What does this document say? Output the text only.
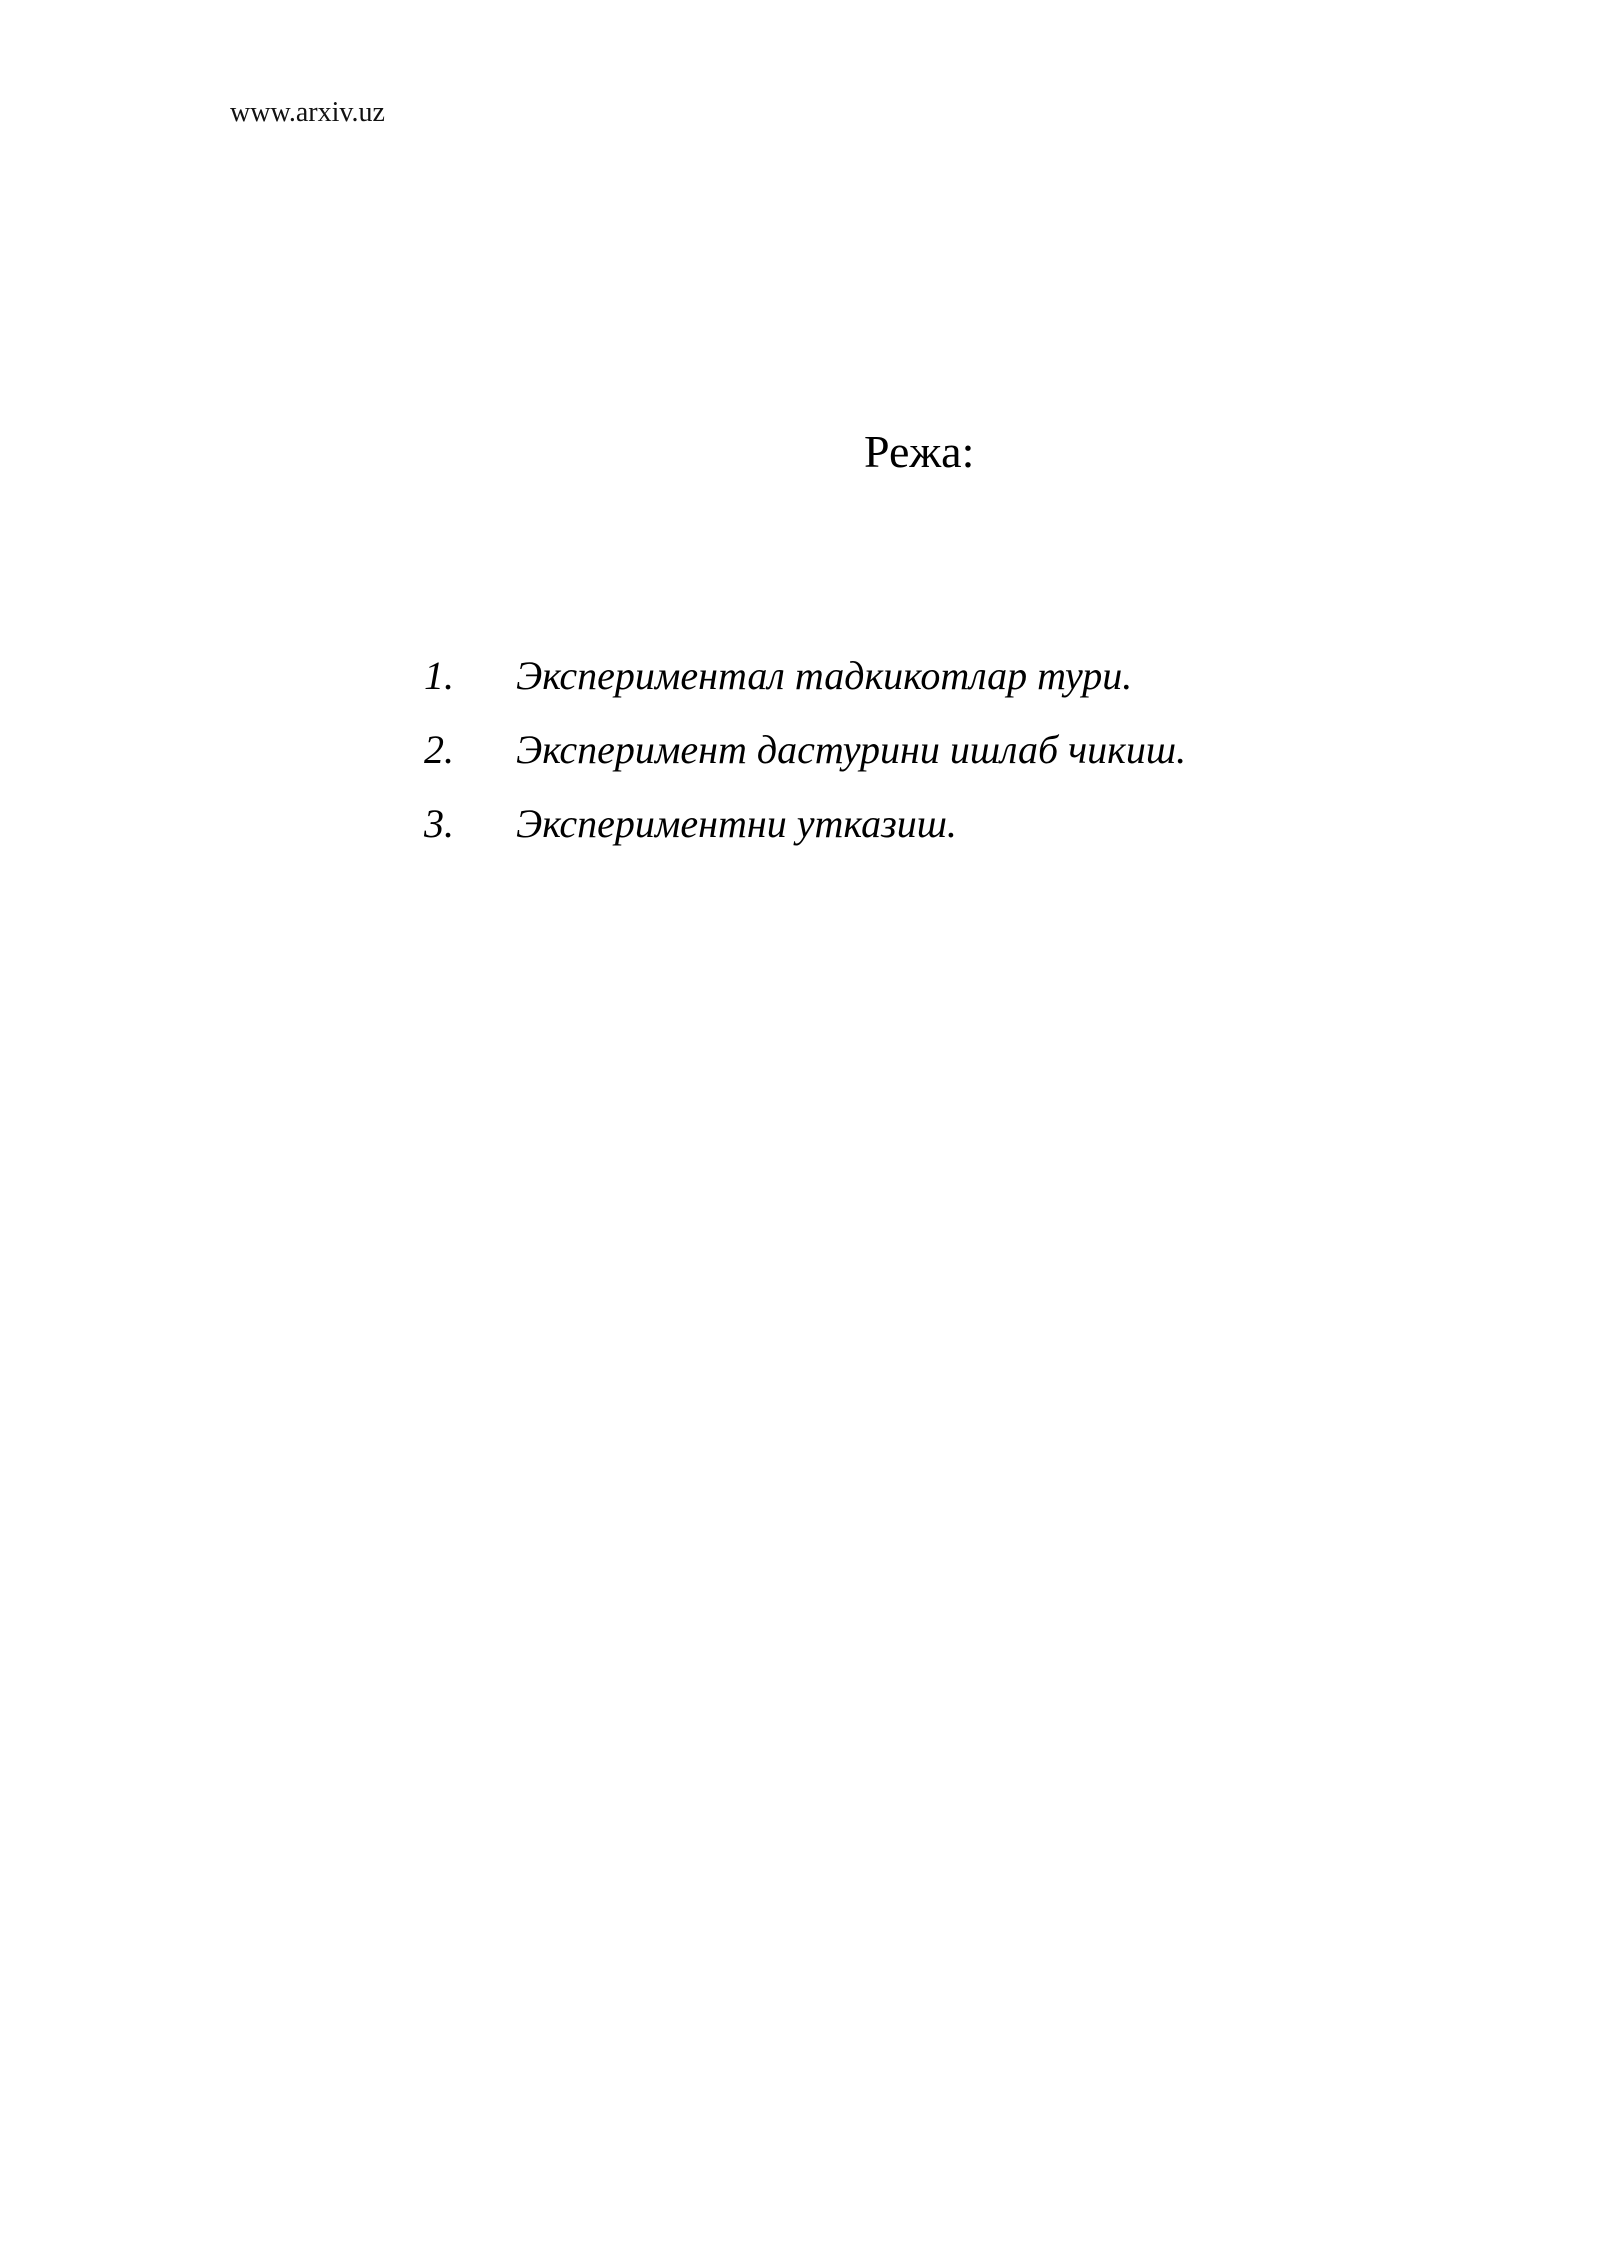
www.arxiv.uz
Режа:
1.	Экспериментал тадкикотлар тури.
2.	Эксперимент дастурини ишлаб чикиш.
3.	Экспериментни утказиш.
